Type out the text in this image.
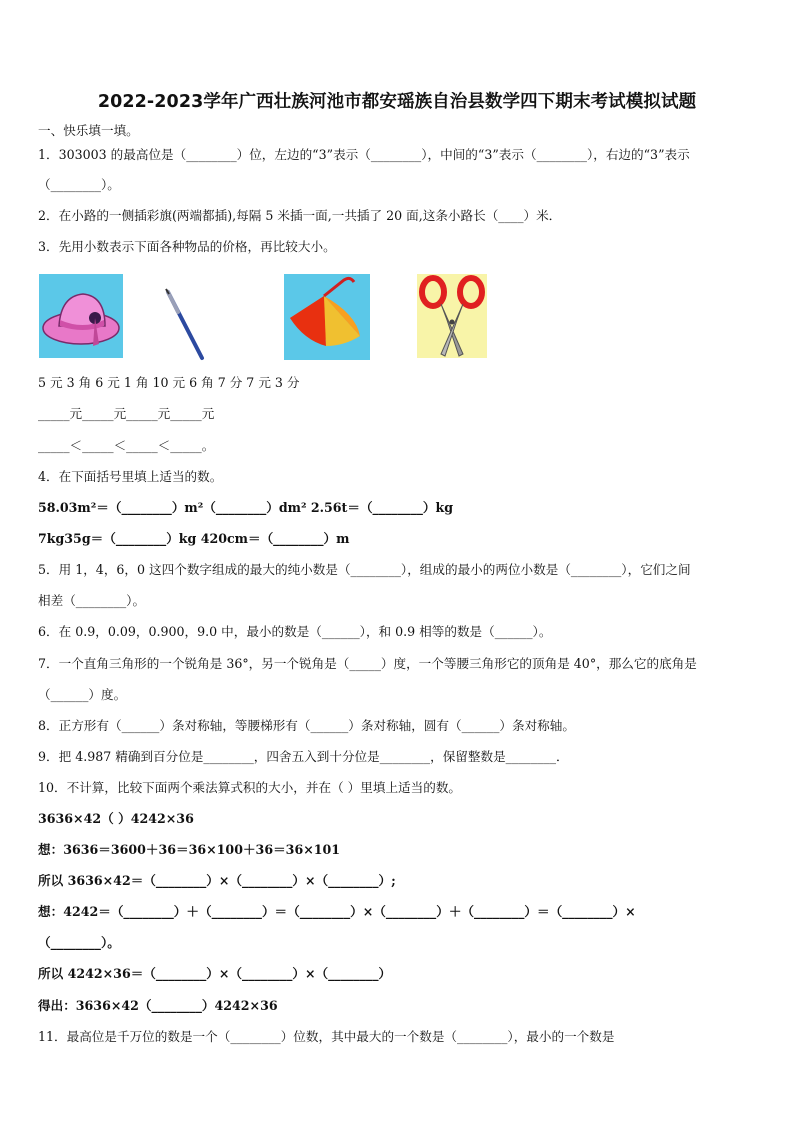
2022-2023学年广西壮族河池市都安瑶族自治县数学四下期末考试模拟试题
一、快乐填一填。
1．303003 的最高位是（________）位，左边的“3”表示（________），中间的“3”表示（________），右边的“3”表示
（________）。
2．在小路的一侧插彩旗(两端都插),每隔 5 米插一面,一共插了 20 面,这条小路长（____）米．
3．先用小数表示下面各种物品的价格，再比较大小。
5 元 3 角 6 元 1 角 10 元 6 角 7 分 7 元 3 分
_____元_____元_____元_____元
_____＜_____＜_____＜_____。
4．在下面括号里填上适当的数。
58.03m²＝（________）m²（________）dm² 2.56t＝（________）kg
7kg35g＝（________）kg 420cm＝（________）m
5．用 1，4，6，0 这四个数字组成的最大的纯小数是（________），组成的最小的两位小数是（________），它们之间
相差（________）。
6．在 0.9，0.09，0.900，9.0 中，最小的数是（______），和 0.9 相等的数是（______）。
7．一个直角三角形的一个锐角是 36°，另一个锐角是（_____）度，一个等腰三角形它的顶角是 40°，那么它的底角是
（______）度。
8．正方形有（______）条对称轴，等腰梯形有（______）条对称轴，圆有（______）条对称轴。
9．把 4.987 精确到百分位是________，四舍五入到十分位是________，保留整数是________．
10．不计算，比较下面两个乘法算式积的大小，并在（ ）里填上适当的数。
3636×42（ ）4242×36
想：3636＝3600＋36＝36×100＋36＝36×101
所以 3636×42＝（________）×（________）×（________）;
想：4242＝（________）＋（________）＝（________）×（________）＋（________）＝（________）×
（________）。
所以 4242×36＝（________）×（________）×（________）
得出：3636×42（________）4242×36
11．最高位是千万位的数是一个（________）位数，其中最大的一个数是（________），最小的一个数是
